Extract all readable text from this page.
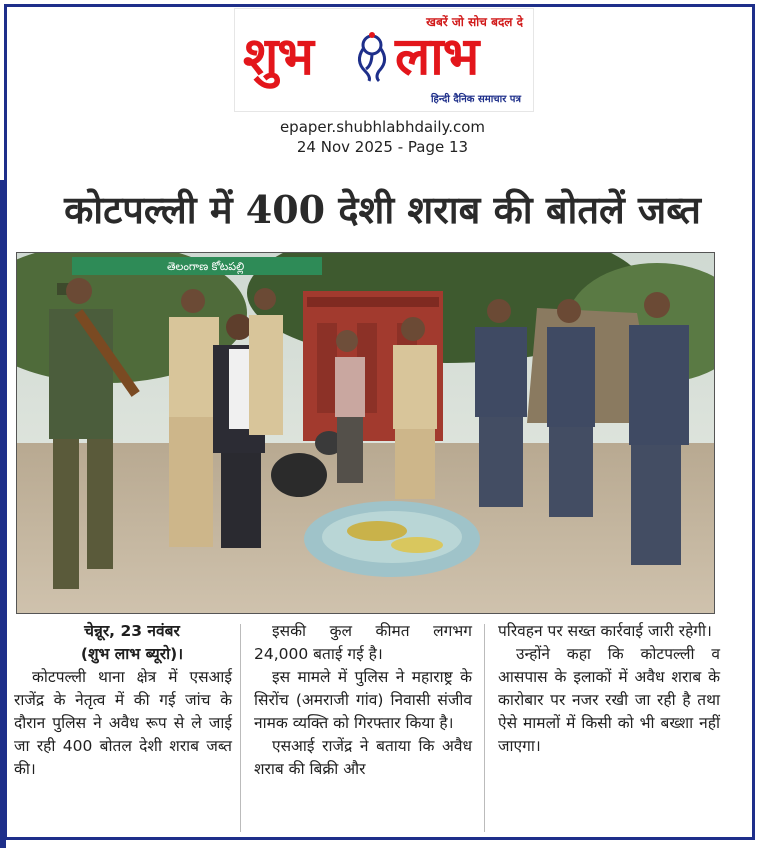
खबरें जो सोच बदल दे
शुभ लाभ
हिन्दी दैनिक समाचार पत्र
epaper.shubhlabhdaily.com
24 Nov 2025 - Page 13
कोटपल्ली में 400 देशी शराब की बोतलें जब्त
తెలంగాణ కోటపల్లి

चेन्नूर, 23 नवंबर

(शुभ लाभ ब्यूरो)।

कोटपल्ली थाना क्षेत्र में एसआई राजेंद्र के नेतृत्व में की गई जांच के दौरान पुलिस ने अवैध रूप से ले जाई जा रही 400 बोतल देशी शराब जब्त की।

इसकी कुल कीमत लगभग 24,000 बताई गई है।

इस मामले में पुलिस ने महाराष्ट्र के सिरोंच (अमराजी गांव) निवासी संजीव नामक व्यक्ति को गिरफ्तार किया है।

एसआई राजेंद्र ने बताया कि अवैध शराब की बिक्री और

परिवहन पर सख्त कार्रवाई जारी रहेगी।

उन्होंने कहा कि कोटपल्ली व आसपास के इलाकों में अवैध शराब के कारोबार पर नजर रखी जा रही है तथा ऐसे मामलों में किसी को भी बख्शा नहीं जाएगा।
